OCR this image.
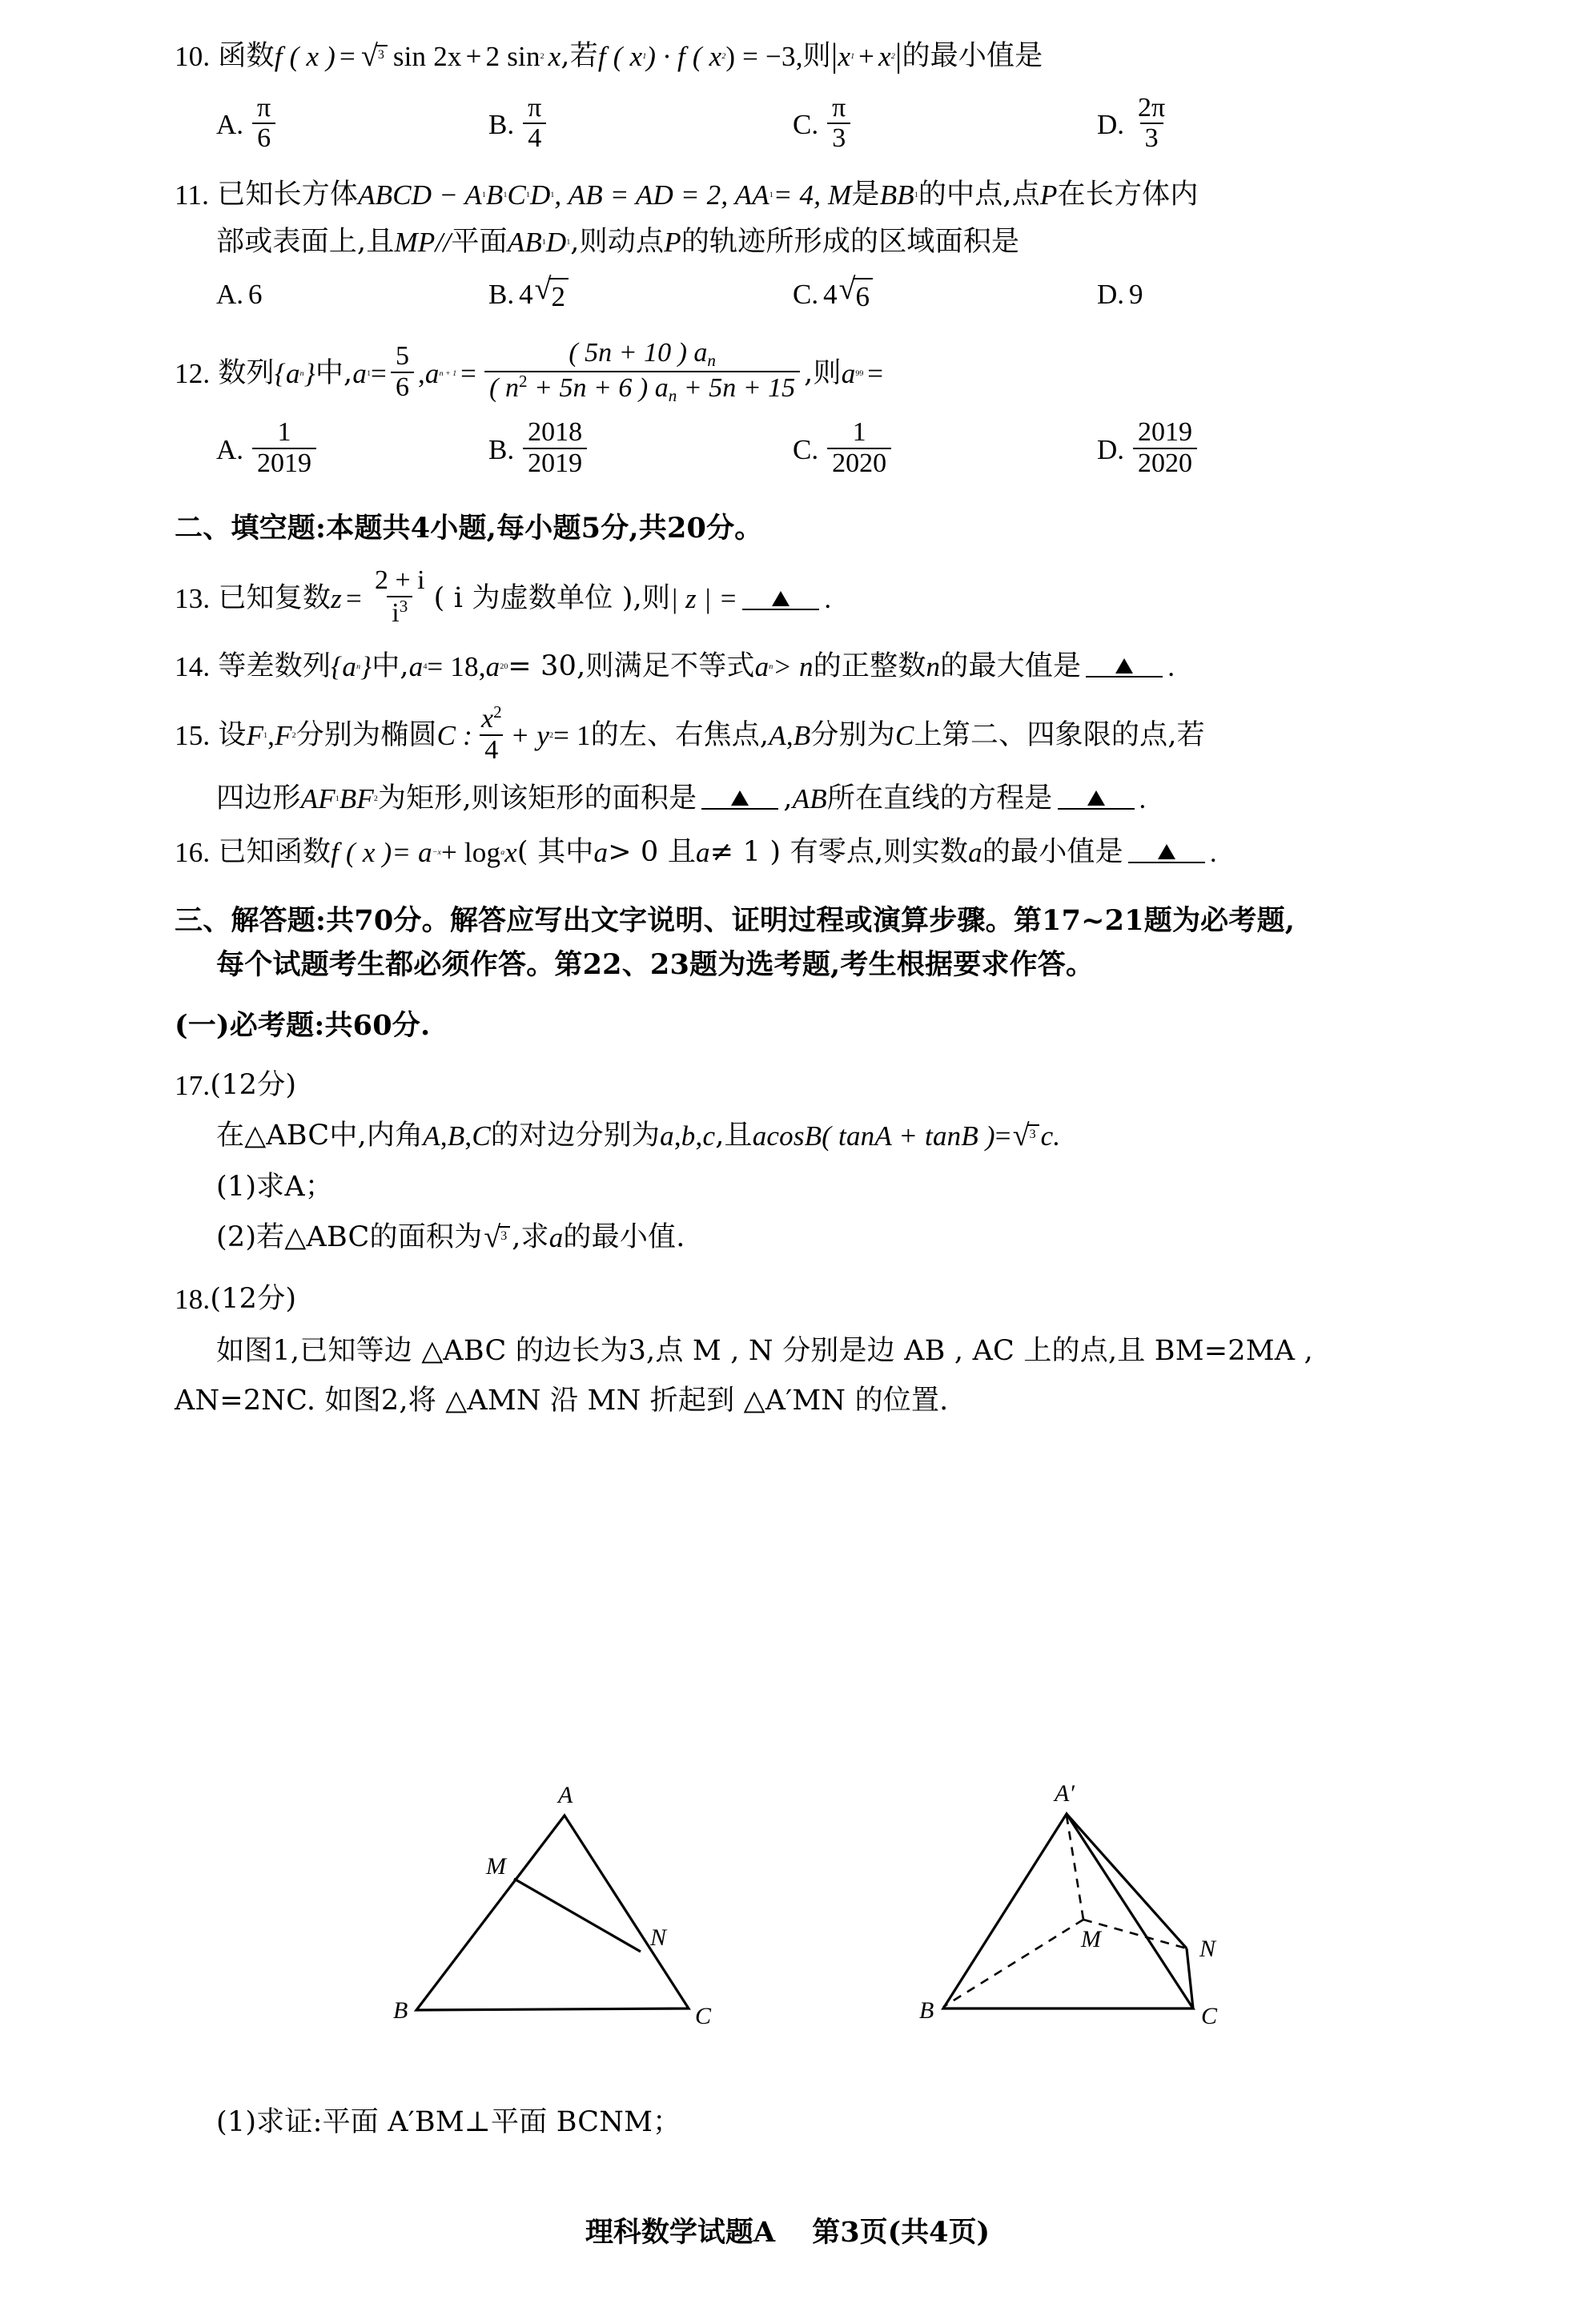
10. 函数 f ( x ) = √ 3 sin 2x + 2 sin 2 x ,若 f ( x 1 ) · f ( x 2 ) = −3, 则 | x 1 + x 2 | 的最小值是
A. $\frac{\pi}{6}$	B. $\frac{\pi}{4}$	C. $\frac{\pi}{3}$	D. $\frac{2\pi}{3}$
11. 已知长方体 ABCD − A 1 B 1 C 1 D 1 , AB = AD = 2, AA 1 = 4, M 是 BB 1 的中点,点 P 在长方体内
部或表面上,且 MP// 平面 AB 1 D 1 ,则动点 P 的轨迹所形成的区域面积是
A. 6	B. 4 √ 2	C. 4 √ 6	D. 9
12. 数列 {a n } 中, a $1 = \frac{5}{6}$ , a $n + 1 = \frac{( 5n + 10 ) a_n}{( n^2 + 5n + 6 ) a_n + 5n + 15}$ ,则 a 99 =
A. $\frac{1}{2019}$	B. $\frac{2018}{2019}$	C. $\frac{1}{2020}$	D. $\frac{2019}{2020}$
二、填空题:本题共4小题,每小题5分,共20分。
13. 已知复数 $z = \frac{2 + i}{i^3}$ ( i 为虚数单位 ),则 | z | =	.
14. 等差数列 {a n } 中, a 4 = 18, a 20 = 30,则满足不等式 a n > n 的正整数 n 的最大值是	.
15. 设 F 1 , F 2 分别为椭圆 C : $\frac{x^2}{4} + y$ 2 = 1 的左、右焦点, A , B 分别为 C 上第二、四象限的点,若
四边形 AF 1 BF 2 为矩形,则该矩形的面积是	, AB 所在直线的方程是	.
16. 已知函数 f ( x ) = a −x + log a x ( 其中 a > 0 且 a ≠ 1 ) 有零点,则实数 a 的最小值是	.
三、解答题:共70分。解答应写出文字说明、证明过程或演算步骤。第17~21题为必考题,
每个试题考生都必须作答。第22、23题为选考题,考生根据要求作答。
(一)必考题:共60分.
17. (12分)
在△ABC中,内角 A , B , C 的对边分别为 a , b , c ,且 acosB( tanA + tanB ) = √ 3 c.
(1)求A；
(2)若△ABC的面积为 √ 3 ,求 a 的最小值.
18. (12分)
如图1,已知等边 △ABC 的边长为3,点 M , N 分别是边 AB , AC 上的点,且 BM=2MA ,
AN=2NC. 如图2,将 △AMN 沿 MN 折起到 △A′MN 的位置.
A
M
N
B	C
A′
M	N
B	C
(1)求证:平面 A′BM⊥平面 BCNM；
理科数学试题A 第3页(共4页)
